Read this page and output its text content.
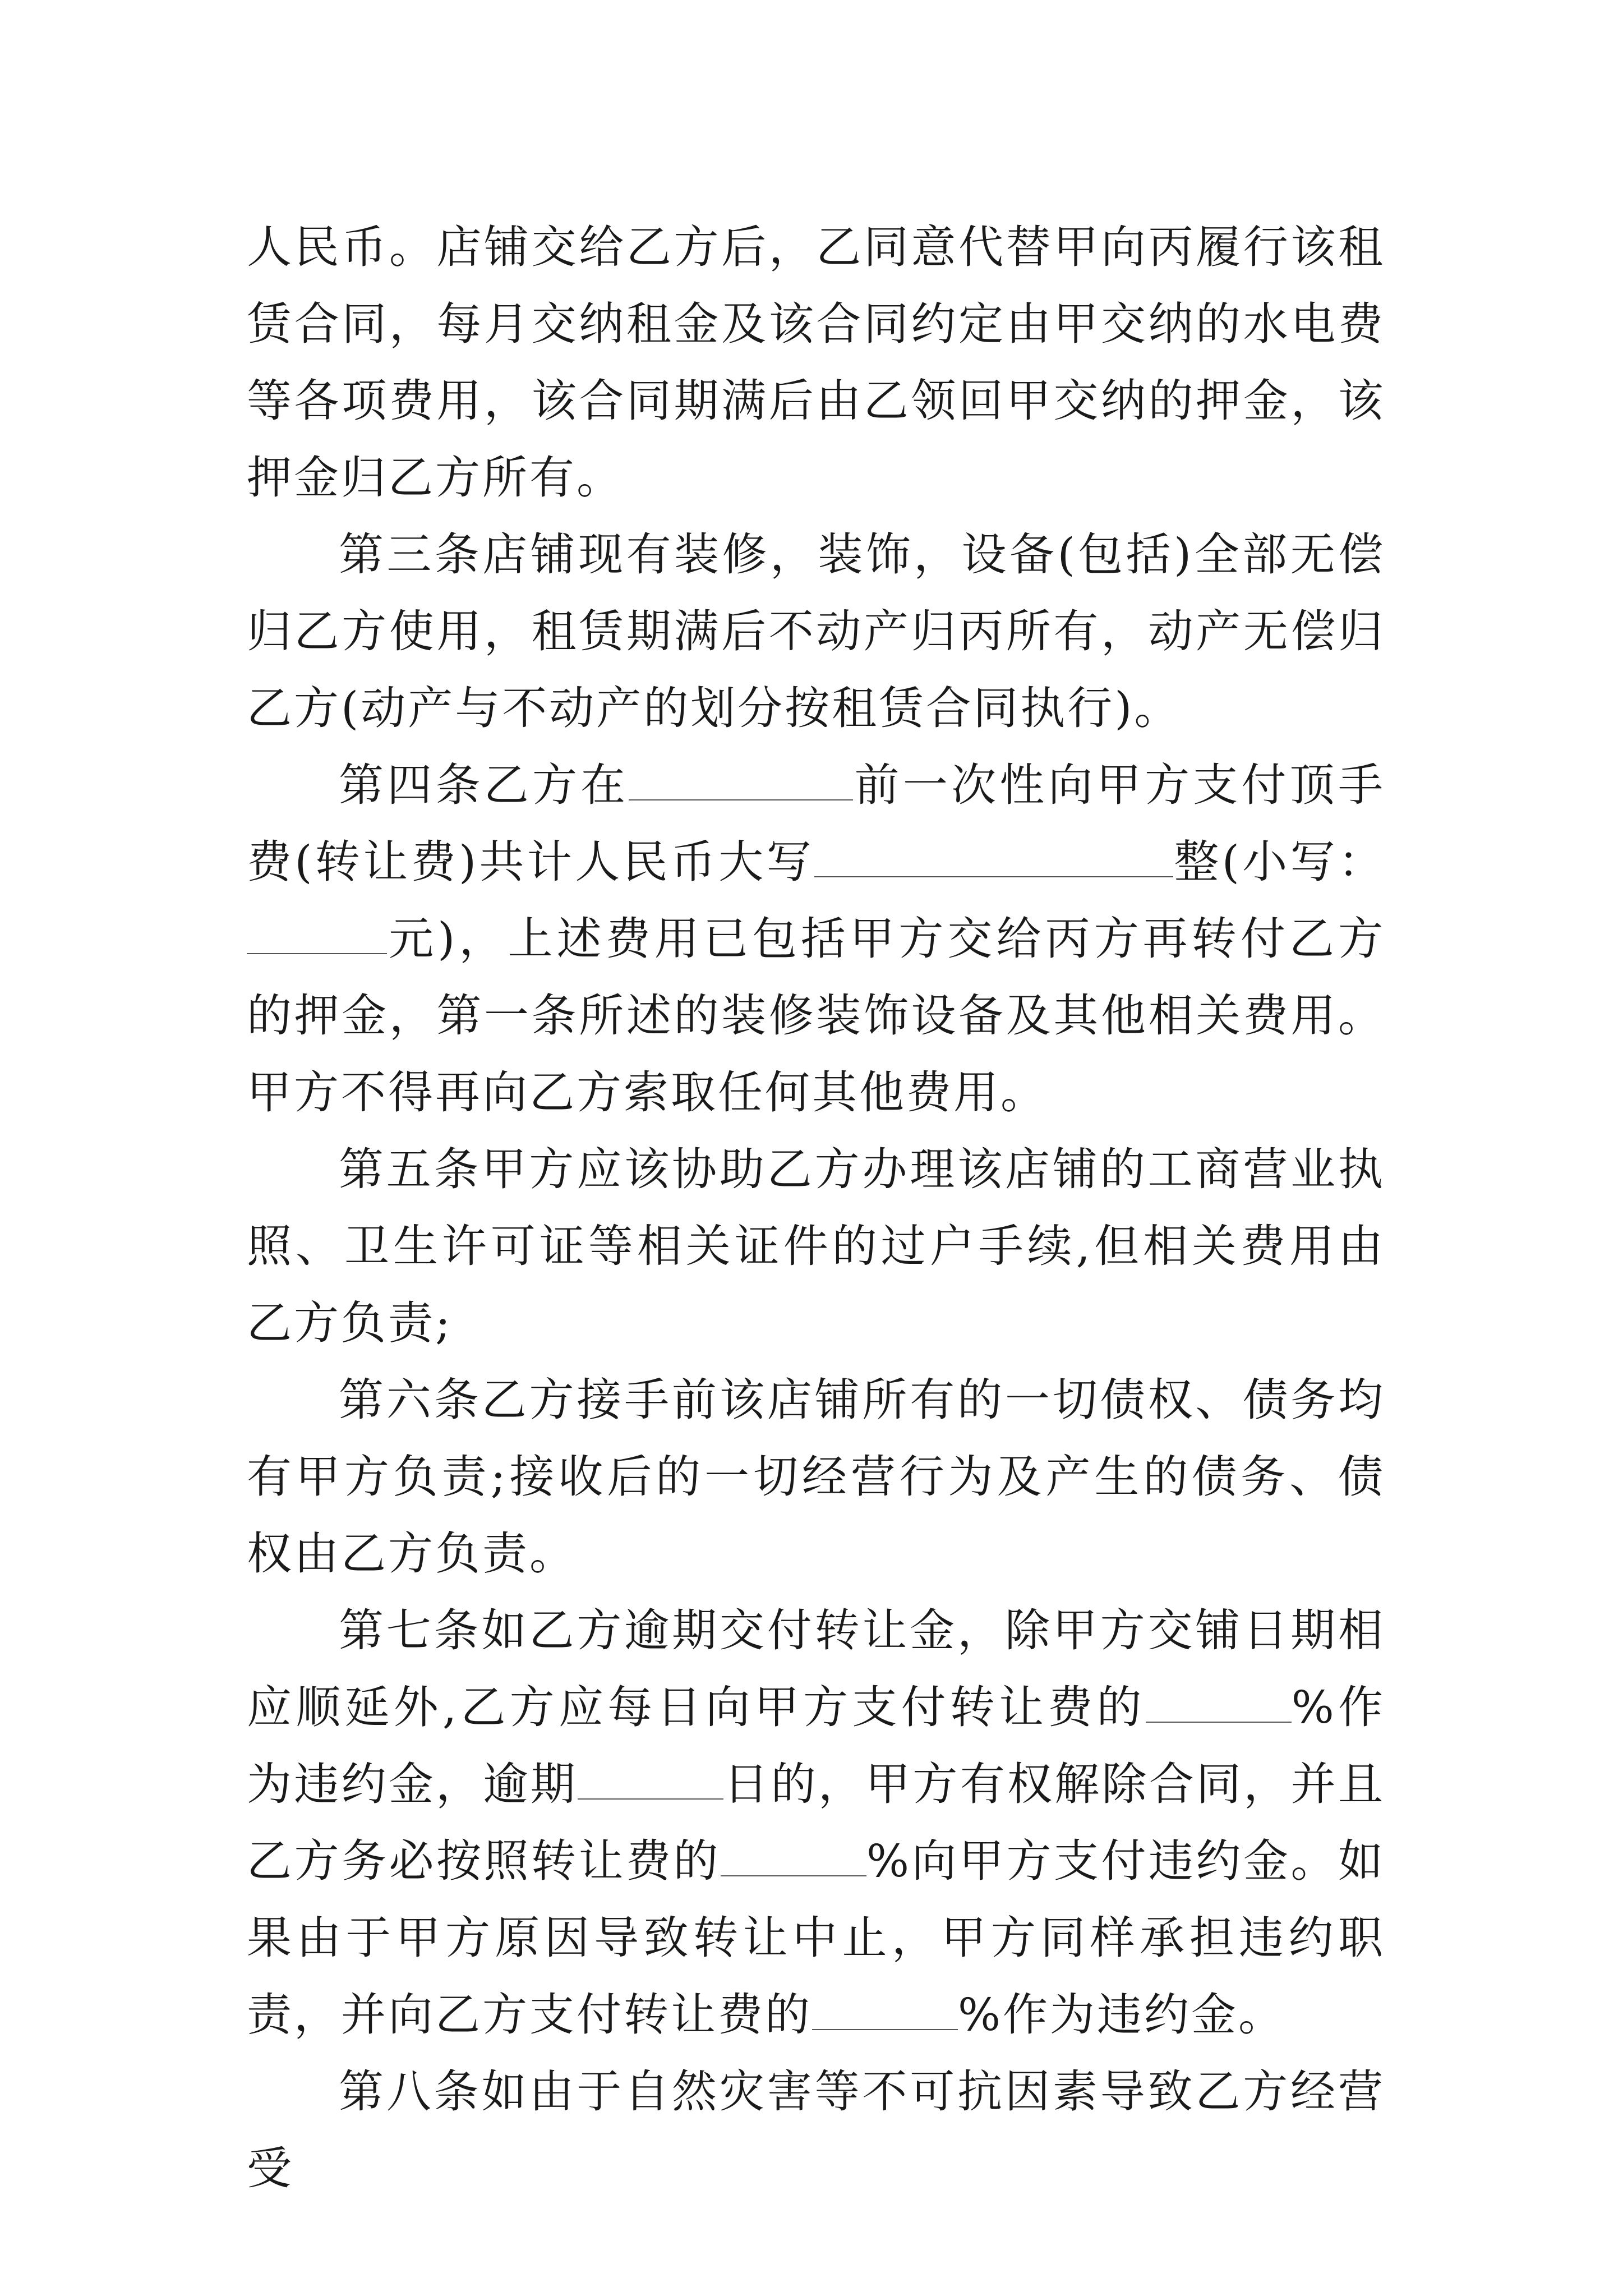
人民币。店铺交给乙方后，乙同意代替甲向丙履行该租赁合同，每月交纳租金及该合同约定由甲交纳的水电费等各项费用，该合同期满后由乙领回甲交纳的押金，该押金归乙方所有。

第三条店铺现有装修，装饰，设备(包括)全部无偿归乙方使用，租赁期满后不动产归丙所有，动产无偿归乙方(动产与不动产的划分按租赁合同执行)。

第四条乙方在	前一次性向甲方支付顶手费(转让费)共计人民币大写	整(小写：元)，上述费用已包括甲方交给丙方再转付乙方的押金，第一条所述的装修装饰设备及其他相关费用。甲方不得再向乙方索取任何其他费用。

第五条甲方应该协助乙方办理该店铺的工商营业执照、卫生许可证等相关证件的过户手续,但相关费用由乙方负责;

第六条乙方接手前该店铺所有的一切债权、债务均有甲方负责;接收后的一切经营行为及产生的债务、债权由乙方负责。

第七条如乙方逾期交付转让金，除甲方交铺日期相应顺延外,乙方应每日向甲方支付转让费的	%作为违约金，逾期	日的，甲方有权解除合同，并且乙方务必按照转让费的	%向甲方支付违约金。如果由于甲方原因导致转让中止，甲方同样承担违约职责，并向乙方支付转让费的	%作为违约金。

第八条如由于自然灾害等不可抗因素导致乙方经营受
